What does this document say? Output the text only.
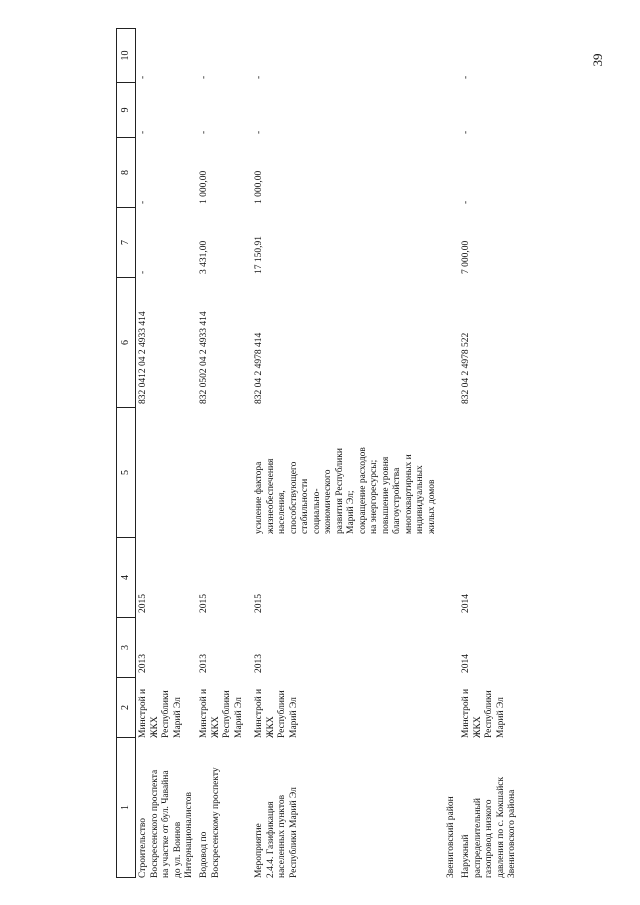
39
1
2
3
4
5
6
7
8
9
10
Строительство
Воскресенского проспекта
на участке от бул. Чавайна
до ул. Воинов
Интернационалистов
Минстрой и
ЖКХ
Республики
Марий Эл
2013
2015
832 0412 04 2 4933 414
-
-
-
-
Водовод по
Воскресенскому проспекту
Минстрой и
ЖКХ
Республики
Марий Эл
2013
2015
832 0502 04 2 4933 414
3 431,00
1 000,00
-
-
Мероприятие
2.4.4. Газификация
населенных пунктов
Республики Марий Эл
Минстрой и
ЖКХ
Республики
Марий Эл
2013
2015
усиление фактора
жизнеобеспечения
населения,
способствующего
стабильности
социально-
экономического
развития Республики
Марий Эл;
сокращение расходов
на энергоресурсы;
повышение уровня
благоустройства
многоквартирных и
индивидуальных
жилых домов
832 04 2 4978 414
17 150,91
1 000,00
-
-
Звениговский район Наружный
распределительный
газопровод низкого
давления по с. Кокшайск
Звениговского района
Минстрой и
ЖКХ
Республики
Марий Эл
2014
2014
832 04 2 4978 522
7 000,00
-
-
-
